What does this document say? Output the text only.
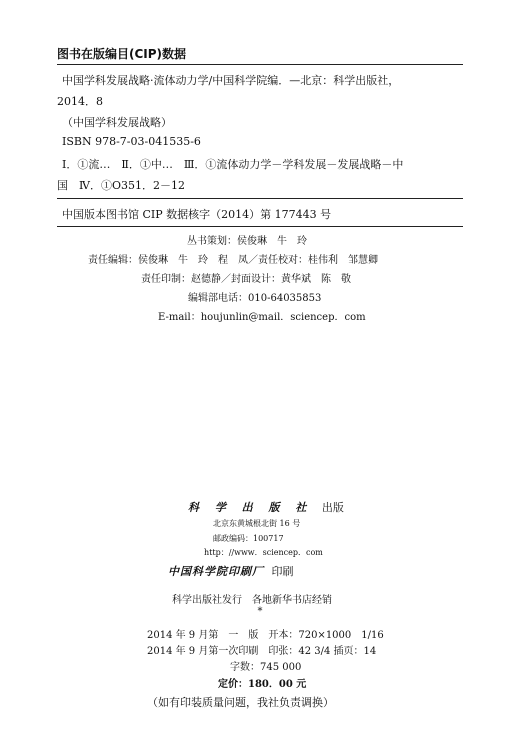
图书在版编目(CIP)数据
中国学科发展战略·流体动力学/中国科学院编．—北京：科学出版社，
2014．8
（中国学科发展战略）
ISBN 978-7-03-041535-6
Ⅰ．①流…　Ⅱ．①中…　Ⅲ．①流体动力学－学科发展－发展战略－中
国　Ⅳ．①O351．2－12
中国版本图书馆 CIP 数据核字（2014）第 177443 号
丛书策划：侯俊琳　牛　玲
责任编辑：侯俊琳　牛　玲　程　凤／责任校对：桂伟利　邹慧卿
责任印制：赵德静／封面设计：黄华斌　陈　敬
编辑部电话：010-64035853
E-mail：houjunlin@mail．sciencep．com
科 学 出 版 社 出版
北京东黄城根北街 16 号
邮政编码：100717
http：//www．sciencep．com
中国科学院印刷厂 印刷
科学出版社发行　各地新华书店经销
*
2014 年 9 月第　一　版　开本：720×1000　1/16
2014 年 9 月第一次印刷　印张：42 3/4 插页：14
字数：745 000
定价：180．00 元
（如有印装质量问题，我社负责调换）
